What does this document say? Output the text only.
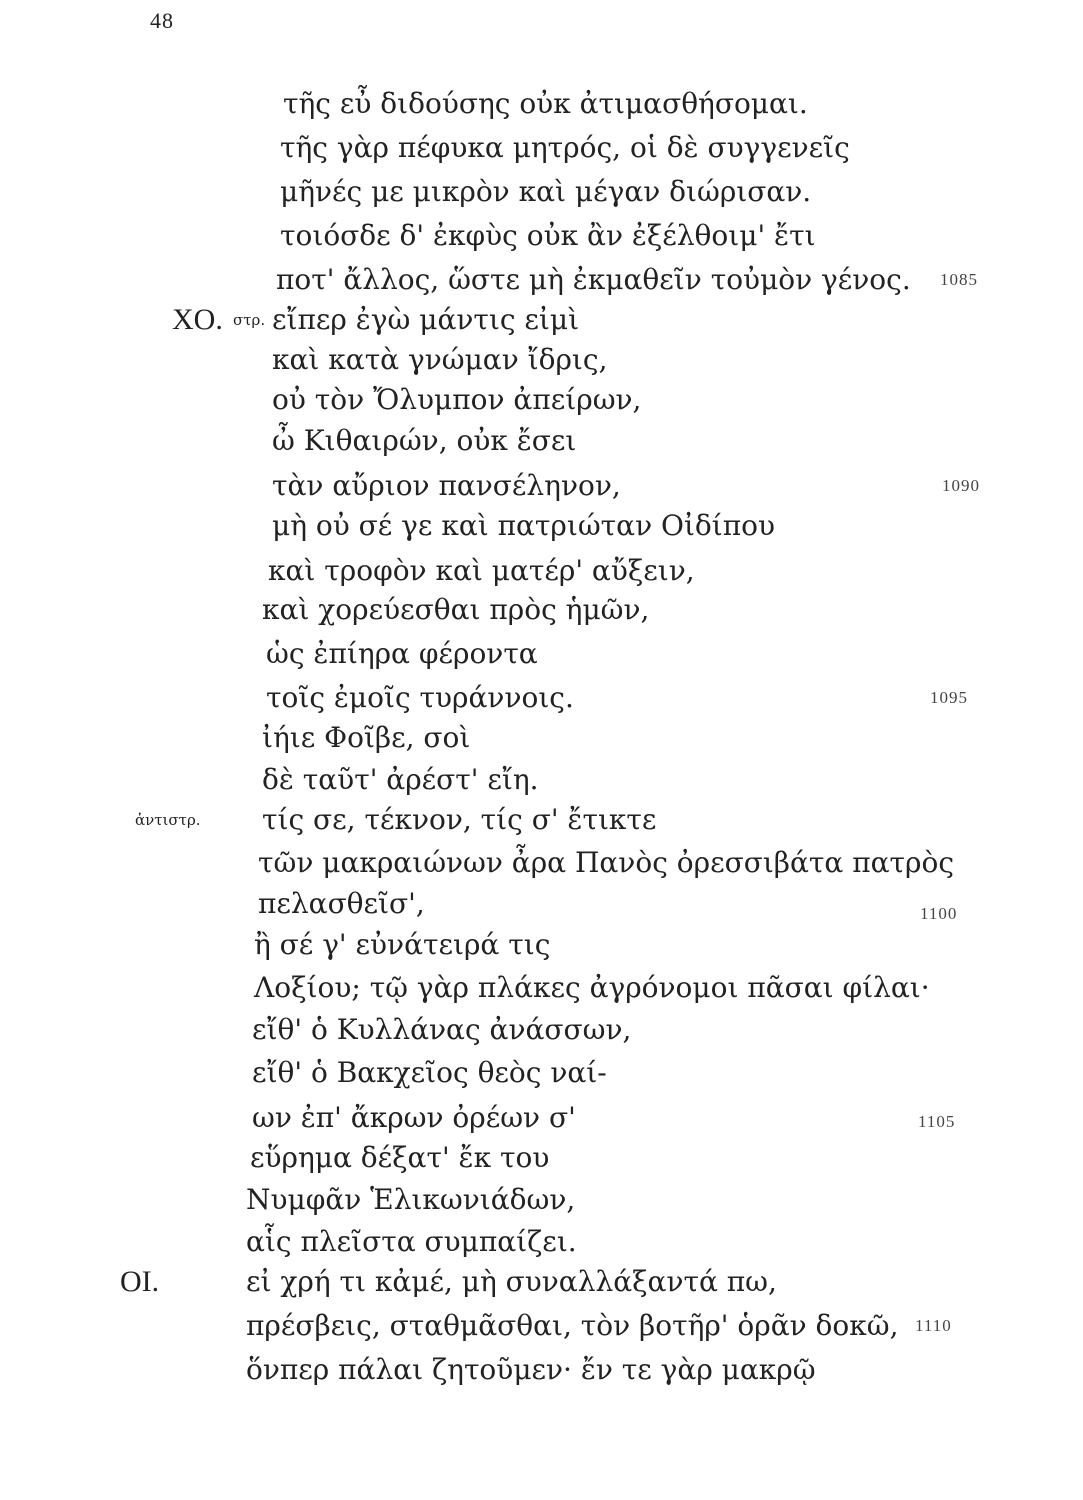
48
τῆς εὖ διδούσης οὐκ ἀτιμασθήσομαι.
τῆς γὰρ πέφυκα μητρός, οἱ δὲ συγγενεῖς
μῆνές με μικρὸν καὶ μέγαν διώρισαν.
τοιόσδε δ' ἐκφὺς οὐκ ἂν ἐξέλθοιμ' ἔτι
ποτ' ἄλλος, ὥστε μὴ ἐκμαθεῖν τοὐμὸν γένος. 1085
ΧΟ. στρ. εἴπερ ἐγὼ μάντις εἰμὶ
καὶ κατὰ γνώμαν ἴδρις,
οὐ τὸν Ὄλυμπον ἀπείρων,
ὦ Κιθαιρών, οὐκ ἔσει
τὰν αὔριον πανσέληνον,	1090
μὴ οὐ σέ γε καὶ πατριώταν Οἰδίπου
καὶ τροφὸν καὶ ματέρ' αὔξειν,
καὶ χορεύεσθαι πρὸς ἡμῶν,
ὡς ἐπίηρα φέροντα
τοῖς ἐμοῖς τυράννοις.	1095
ἰήιε Φοῖβε, σοὶ
δὲ ταῦτ' ἀρέστ' εἴη.
ἀντιστρ. τίς σε, τέκνον, τίς σ' ἔτικτε
τῶν μακραιώνων ἆρα Πανὸς ὀρεσσιβάτα πατρὸς
πελασθεῖσ',	1100
ἢ σέ γ' εὐνάτειρά τις
Λοξίου; τῷ γὰρ πλάκες ἀγρόνομοι πᾶσαι φίλαι·
εἴθ' ὁ Κυλλάνας ἀνάσσων,
εἴθ' ὁ Βακχεῖος θεὸς ναί-
ων ἐπ' ἄκρων ὀρέων σ'	1105
εὕρημα δέξατ' ἔκ του
Νυμφᾶν Ἑλικωνιάδων,
αἷς πλεῖστα συμπαίζει.
ΟΙ.	εἰ χρή τι κἀμέ, μὴ συναλλάξαντά πω,
πρέσβεις, σταθμᾶσθαι, τὸν βοτῆρ' ὁρᾶν δοκῶ, 1110
ὅνπερ πάλαι ζητοῦμεν· ἔν τε γὰρ μακρῷ
